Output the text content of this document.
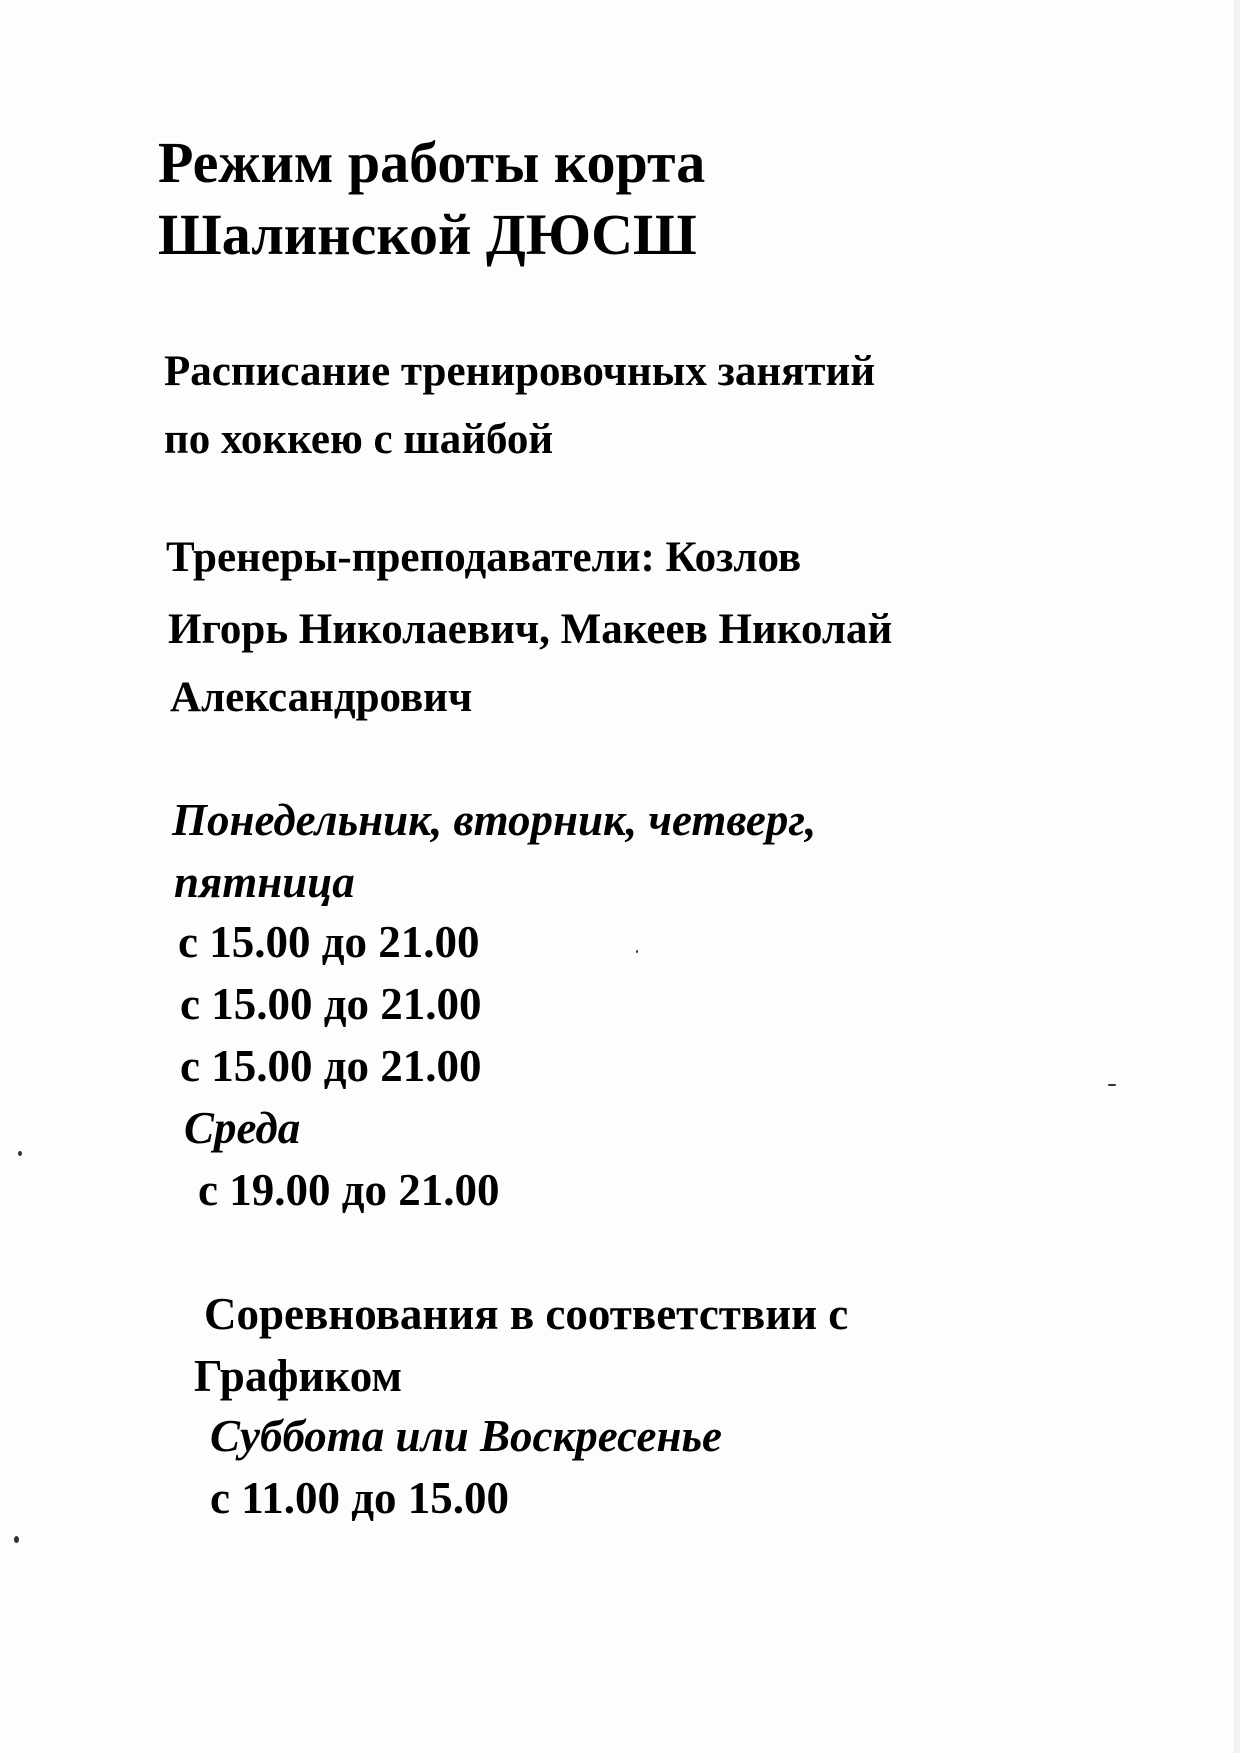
Режим работы корта
Шалинской ДЮСШ

Расписание тренировочных занятий

по хоккею с шайбой

Тренеры-преподаватели: Козлов

Игорь Николаевич, Макеев Николай

Александрович

Понедельник, вторник, четверг,

пятница

с 15.00 до 21.00

с 15.00 до 21.00

с 15.00 до 21.00

Среда

с 19.00 до 21.00

Соревнования в соответствии с

Графиком

Суббота или Воскресенье

с 11.00 до 15.00
